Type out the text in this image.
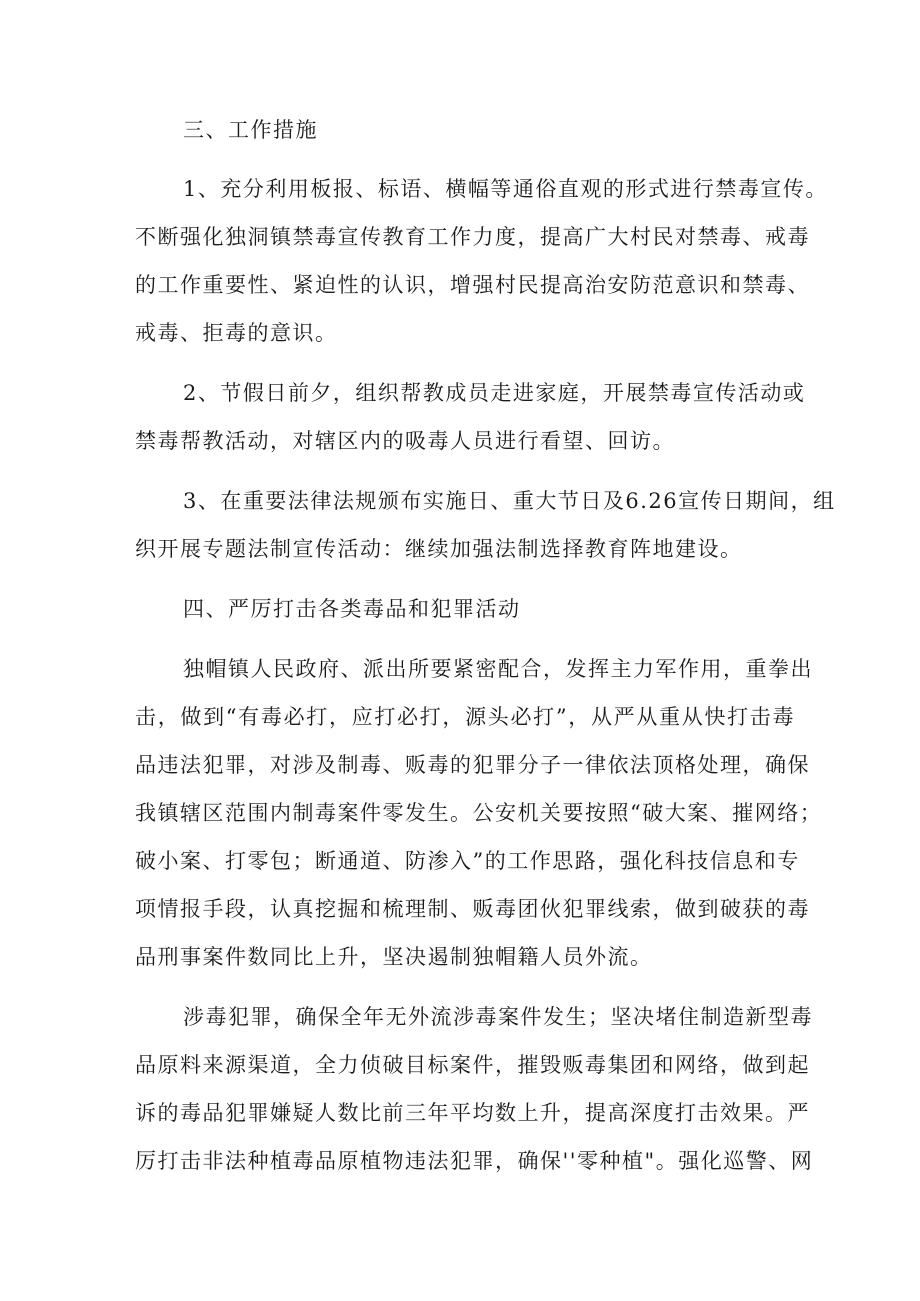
三、工作措施
1、充分利用板报、标语、横幅等通俗直观的形式进行禁毒宣传。
不断强化独洞镇禁毒宣传教育工作力度，提高广大村民对禁毒、戒毒
的工作重要性、紧迫性的认识，增强村民提高治安防范意识和禁毒、
戒毒、拒毒的意识。
2、节假日前夕，组织帮教成员走进家庭，开展禁毒宣传活动或
禁毒帮教活动，对辖区内的吸毒人员进行看望、回访。
3、在重要法律法规颁布实施日、重大节日及6.26宣传日期间，组
织开展专题法制宣传活动：继续加强法制选择教育阵地建设。
四、严厉打击各类毒品和犯罪活动
独帽镇人民政府、派出所要紧密配合，发挥主力军作用，重拳出
击，做到“有毒必打，应打必打，源头必打”，从严从重从快打击毒
品违法犯罪，对涉及制毒、贩毒的犯罪分子一律依法顶格处理，确保
我镇辖区范围内制毒案件零发生。公安机关要按照“破大案、摧网络；
破小案、打零包；断通道、防渗入”的工作思路，强化科技信息和专
项情报手段，认真挖掘和梳理制、贩毒团伙犯罪线索，做到破获的毒
品刑事案件数同比上升，坚决遏制独帽籍人员外流。
涉毒犯罪，确保全年无外流涉毒案件发生；坚决堵住制造新型毒
品原料来源渠道，全力侦破目标案件，摧毁贩毒集团和网络，做到起
诉的毒品犯罪嫌疑人数比前三年平均数上升，提高深度打击效果。严
厉打击非法种植毒品原植物违法犯罪，确保''零种植"。强化巡警、网
